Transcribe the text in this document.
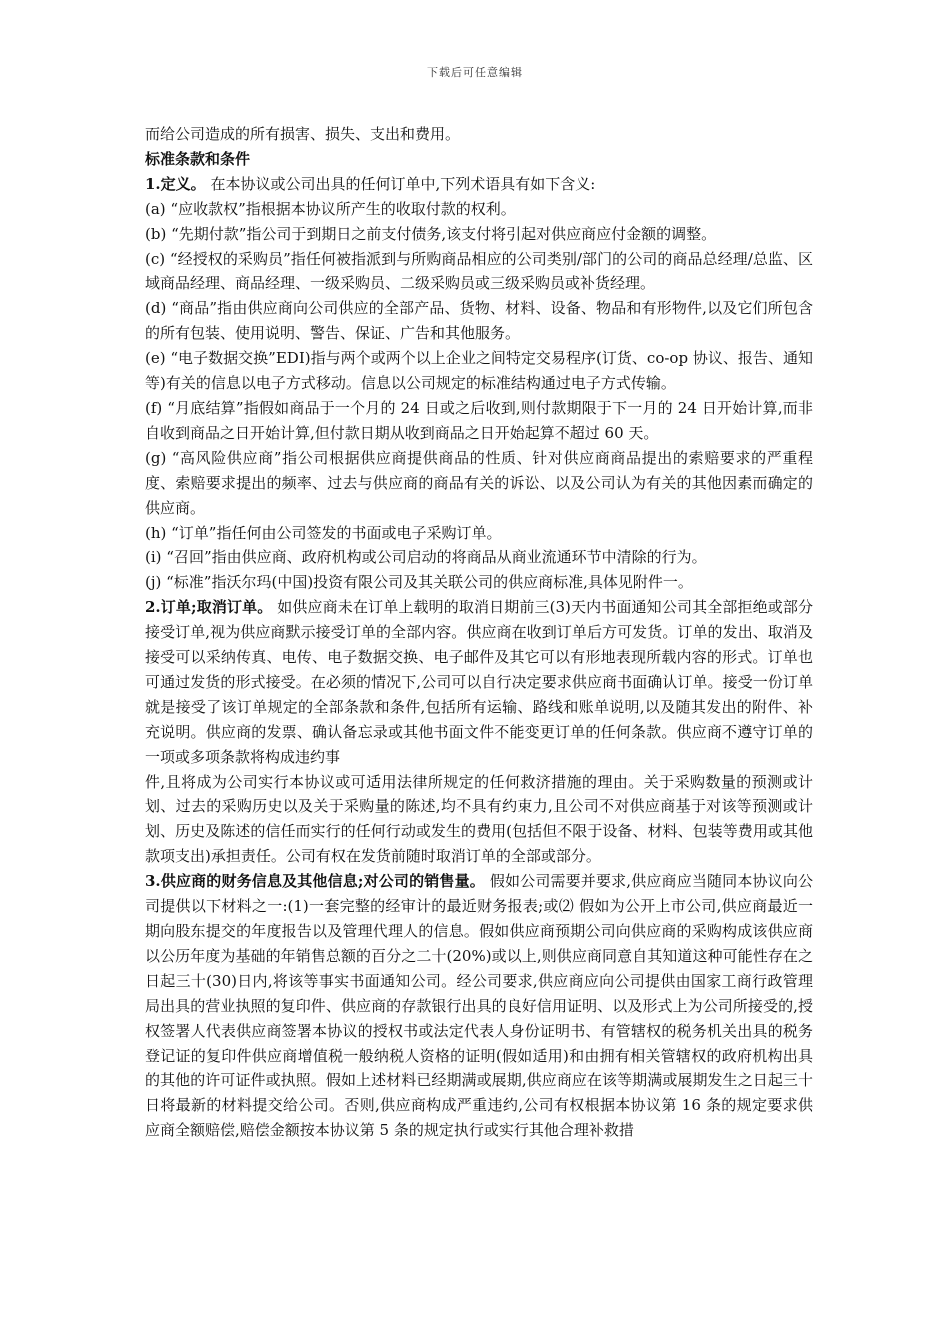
下载后可任意编辑

而给公司造成的所有损害、损失、支出和费用。

标准条款和条件

1.定义。 在本协议或公司出具的任何订单中,下列术语具有如下含义:

(a) “应收款权”指根据本协议所产生的收取付款的权利。

(b) “先期付款”指公司于到期日之前支付债务,该支付将引起对供应商应付金额的调整。

(c) “经授权的采购员”指任何被指派到与所购商品相应的公司类别/部门的公司的商品总经理/总监、区域商品经理、商品经理、一级采购员、二级采购员或三级采购员或补货经理。

(d) “商品”指由供应商向公司供应的全部产品、货物、材料、设备、物品和有形物件,以及它们所包含的所有包装、使用说明、警告、保证、广告和其他服务。

(e) “电子数据交换”EDI)指与两个或两个以上企业之间特定交易程序(订货、co-op 协议、报告、通知等)有关的信息以电子方式移动。信息以公司规定的标准结构通过电子方式传输。

(f) “月底结算”指假如商品于一个月的 24 日或之后收到,则付款期限于下一月的 24 日开始计算,而非自收到商品之日开始计算,但付款日期从收到商品之日开始起算不超过 60 天。

(g) “高风险供应商”指公司根据供应商提供商品的性质、针对供应商商品提出的索赔要求的严重程度、索赔要求提出的频率、过去与供应商的商品有关的诉讼、以及公司认为有关的其他因素而确定的供应商。

(h) “订单”指任何由公司签发的书面或电子采购订单。

(i) “召回”指由供应商、政府机构或公司启动的将商品从商业流通环节中清除的行为。

(j) “标准”指沃尔玛(中国)投资有限公司及其关联公司的供应商标准,具体见附件一。

2.订单;取消订单。 如供应商未在订单上载明的取消日期前三(3)天内书面通知公司其全部拒绝或部分接受订单,视为供应商默示接受订单的全部内容。供应商在收到订单后方可发货。订单的发出、取消及接受可以采纳传真、电传、电子数据交换、电子邮件及其它可以有形地表现所载内容的形式。订单也可通过发货的形式接受。在必须的情况下,公司可以自行决定要求供应商书面确认订单。接受一份订单就是接受了该订单规定的全部条款和条件,包括所有运输、路线和账单说明,以及随其发出的附件、补充说明。供应商的发票、确认备忘录或其他书面文件不能变更订单的任何条款。供应商不遵守订单的一项或多项条款将构成违约事

件,且将成为公司实行本协议或可适用法律所规定的任何救济措施的理由。关于采购数量的预测或计划、过去的采购历史以及关于采购量的陈述,均不具有约束力,且公司不对供应商基于对该等预测或计划、历史及陈述的信任而实行的任何行动或发生的费用(包括但不限于设备、材料、包装等费用或其他款项支出)承担责任。公司有权在发货前随时取消订单的全部或部分。

3.供应商的财务信息及其他信息;对公司的销售量。 假如公司需要并要求,供应商应当随同本协议向公司提供以下材料之一:(1)一套完整的经审计的最近财务报表;或⑵ 假如为公开上市公司,供应商最近一期向股东提交的年度报告以及管理代理人的信息。假如供应商预期公司向供应商的采购构成该供应商以公历年度为基础的年销售总额的百分之二十(20%)或以上,则供应商同意自其知道这种可能性存在之日起三十(30)日内,将该等事实书面通知公司。经公司要求,供应商应向公司提供由国家工商行政管理局出具的营业执照的复印件、供应商的存款银行出具的良好信用证明、以及形式上为公司所接受的,授权签署人代表供应商签署本协议的授权书或法定代表人身份证明书、有管辖权的税务机关出具的税务登记证的复印件供应商增值税一般纳税人资格的证明(假如适用)和由拥有相关管辖权的政府机构出具的其他的许可证件或执照。假如上述材料已经期满或展期,供应商应在该等期满或展期发生之日起三十日将最新的材料提交给公司。否则,供应商构成严重违约,公司有权根据本协议第 16 条的规定要求供应商全额赔偿,赔偿金额按本协议第 5 条的规定执行或实行其他合理补救措
